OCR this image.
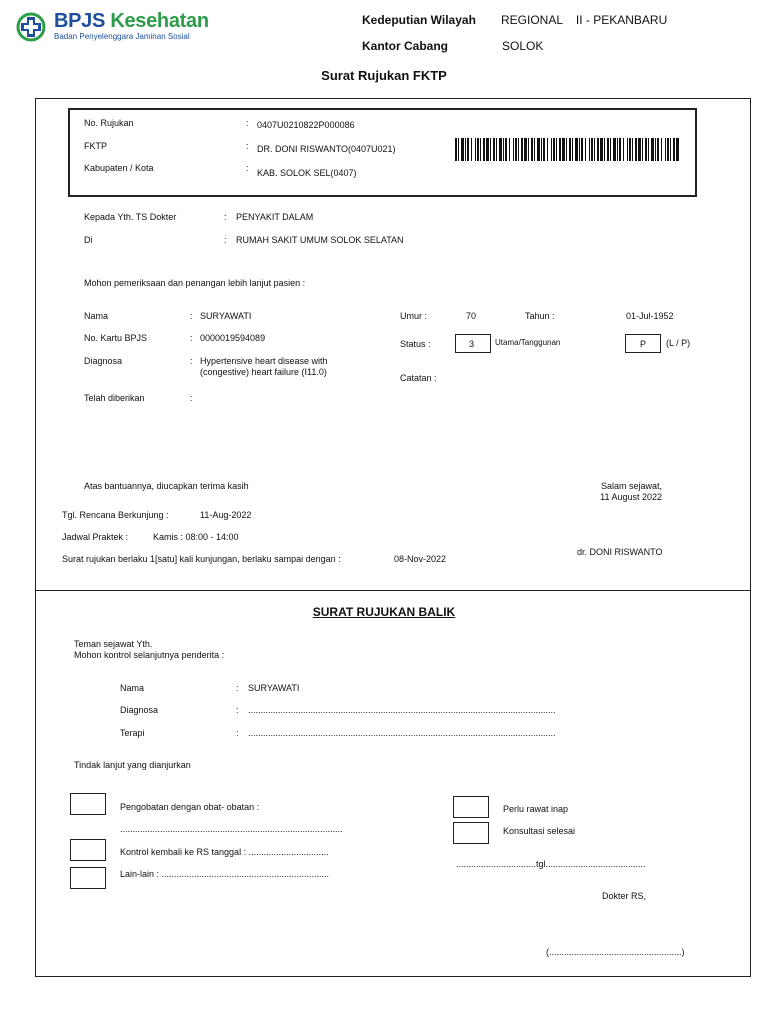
BPJS Kesehatan
Badan Penyelenggara Jaminan Sosial
Kedeputian Wilayah REGIONAL    II - PEKANBARU
Kantor Cabang	SOLOK
Surat Rujukan FKTP
No. Rujukan	: 0407U0210822P000086
FKTP	: DR. DONI RISWANTO(0407U021)
Kabupaten / Kota	: KAB. SOLOK SEL(0407)
Kepada Yth. TS Dokter	: PENYAKIT DALAM
Di	: RUMAH SAKIT UMUM SOLOK SELATAN
Mohon pemeriksaan dan penangan lebih lanjut pasien :
Nama	: SURYAWATI
No. Kartu BPJS	: 0000019594089
Diagnosa	: Hypertensive heart disease with
(congestive) heart failure (I11.0)
Telah diberikan	:
Umur :	70	Tahun :	01-Jul-1952
Status :	3	Utama/Tanggunan	P (L / P)
Catatan :
Atas bantuannya, diucapkan terima kasih	Salam sejawat,
11 August 2022
Tgl. Rencana Berkunjung :	11-Aug-2022
Jadwal Praktek :	Kamis : 08:00 - 14:00
Surat rujukan berlaku 1[satu] kali kunjungan, berlaku sampai dengan :	08-Nov-2022
dr. DONI RISWANTO
SURAT RUJUKAN BALIK
Teman sejawat Yth.
Mohon kontrol selanjutnya penderita :
Nama	: SURYAWATI
Diagnosa	: ...........................................................................................................................
Terapi	: ...........................................................................................................................
Tindak lanjut yang dianjurkan
Pengobatan dengan obat- obatan :
.........................................................................................
Kontrol kembali ke RS tanggal : ................................
Lain-lain : ...................................................................
Perlu rawat inap
Konsultasi selesai
................................tgl........................................
Dokter RS,
(.....................................................)
